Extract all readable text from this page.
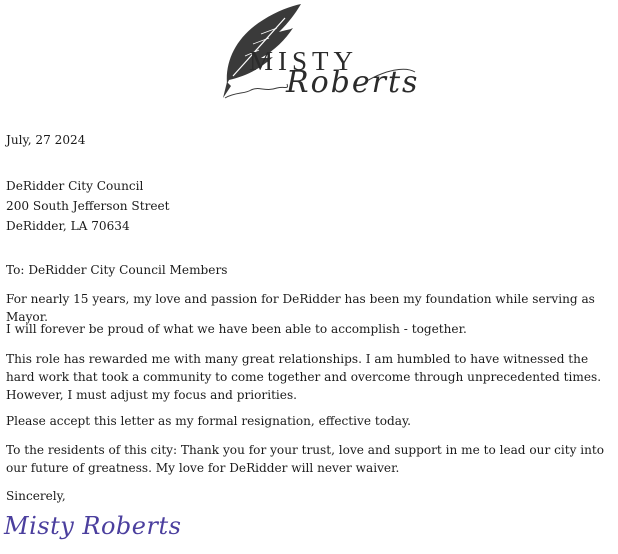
MISTY
Roberts
July, 27 2024
DeRidder City Council
200 South Jefferson Street
DeRidder, LA 70634
To: DeRidder City Council Members
For nearly 15 years, my love and passion for DeRidder has been my foundation while serving as Mayor.
I will forever be proud of what we have been able to accomplish - together.
This role has rewarded me with many great relationships. I am humbled to have witnessed the hard work that took a community to come together and overcome through unprecedented times. However, I must adjust my focus and priorities.
Please accept this letter as my formal resignation, effective today.
To the residents of this city: Thank you for your trust, love and support in me to lead our city into our future of greatness. My love for DeRidder will never waiver.
Sincerely,
Misty Roberts
